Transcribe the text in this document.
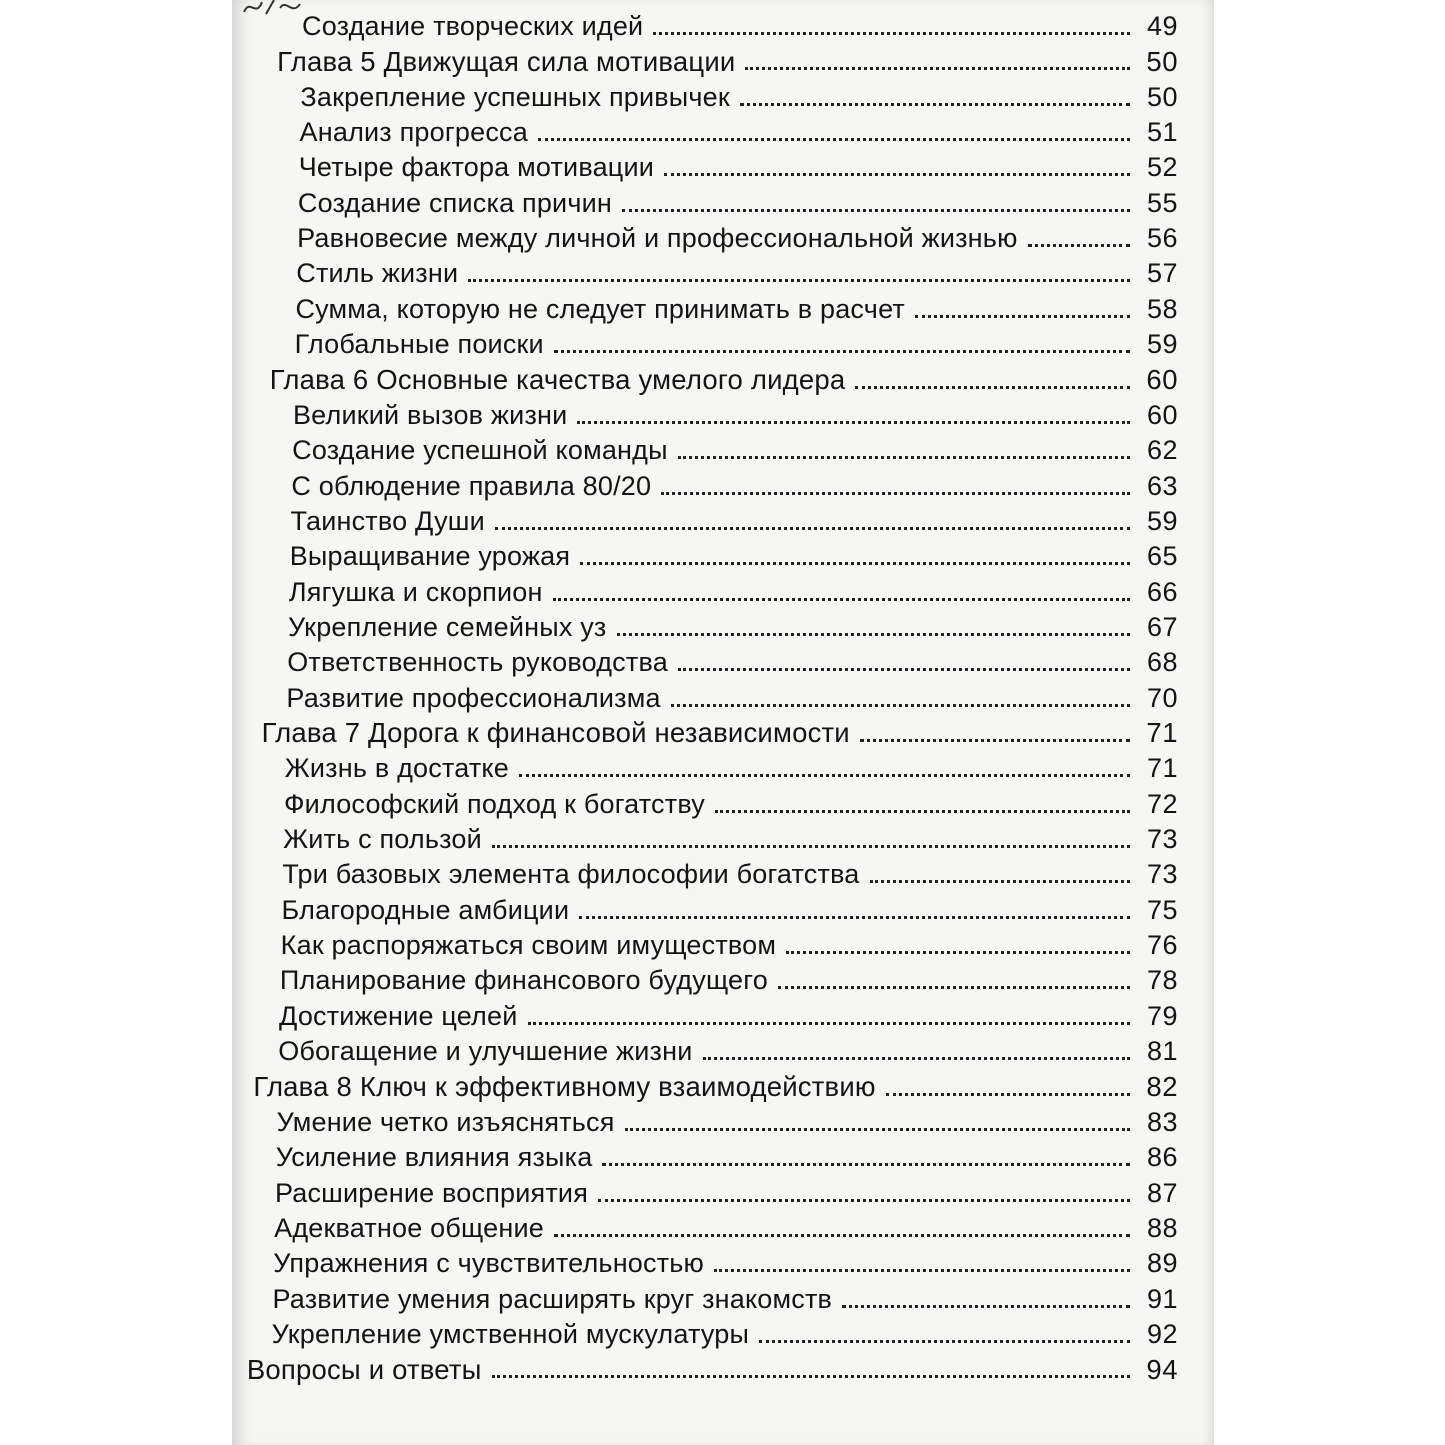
Создание творческих идей	49
Глава 5 Движущая сила мотивации	50
Закрепление успешных привычек	50
Анализ прогресса	51
Четыре фактора мотивации	52
Создание списка причин	55
Равновесие между личной и профессиональной жизнью	56
Стиль жизни	57
Сумма, которую не следует принимать в расчет	58
Глобальные поиски	59
Глава 6 Основные качества умелого лидера	60
Великий вызов жизни	60
Создание успешной команды	62
С облюдение правила 80/20	63
Таинство Души	59
Выращивание урожая	65
Лягушка и скорпион	66
Укрепление семейных уз	67
Ответственность руководства	68
Развитие профессионализма	70
Глава 7 Дорога к финансовой независимости	71
Жизнь в достатке	71
Философский подход к богатству	72
Жить с пользой	73
Три базовых элемента философии богатства	73
Благородные амбиции	75
Как распоряжаться своим имуществом	76
Планирование финансового будущего	78
Достижение целей	79
Обогащение и улучшение жизни	81
Глава 8 Ключ к эффективному взаимодействию	82
Умение четко изъясняться	83
Усиление влияния языка	86
Расширение восприятия	87
Адекватное общение	88
Упражнения с чувствительностью	89
Развитие умения расширять круг знакомств	91
Укрепление умственной мускулатуры	92
Вопросы и ответы	94
